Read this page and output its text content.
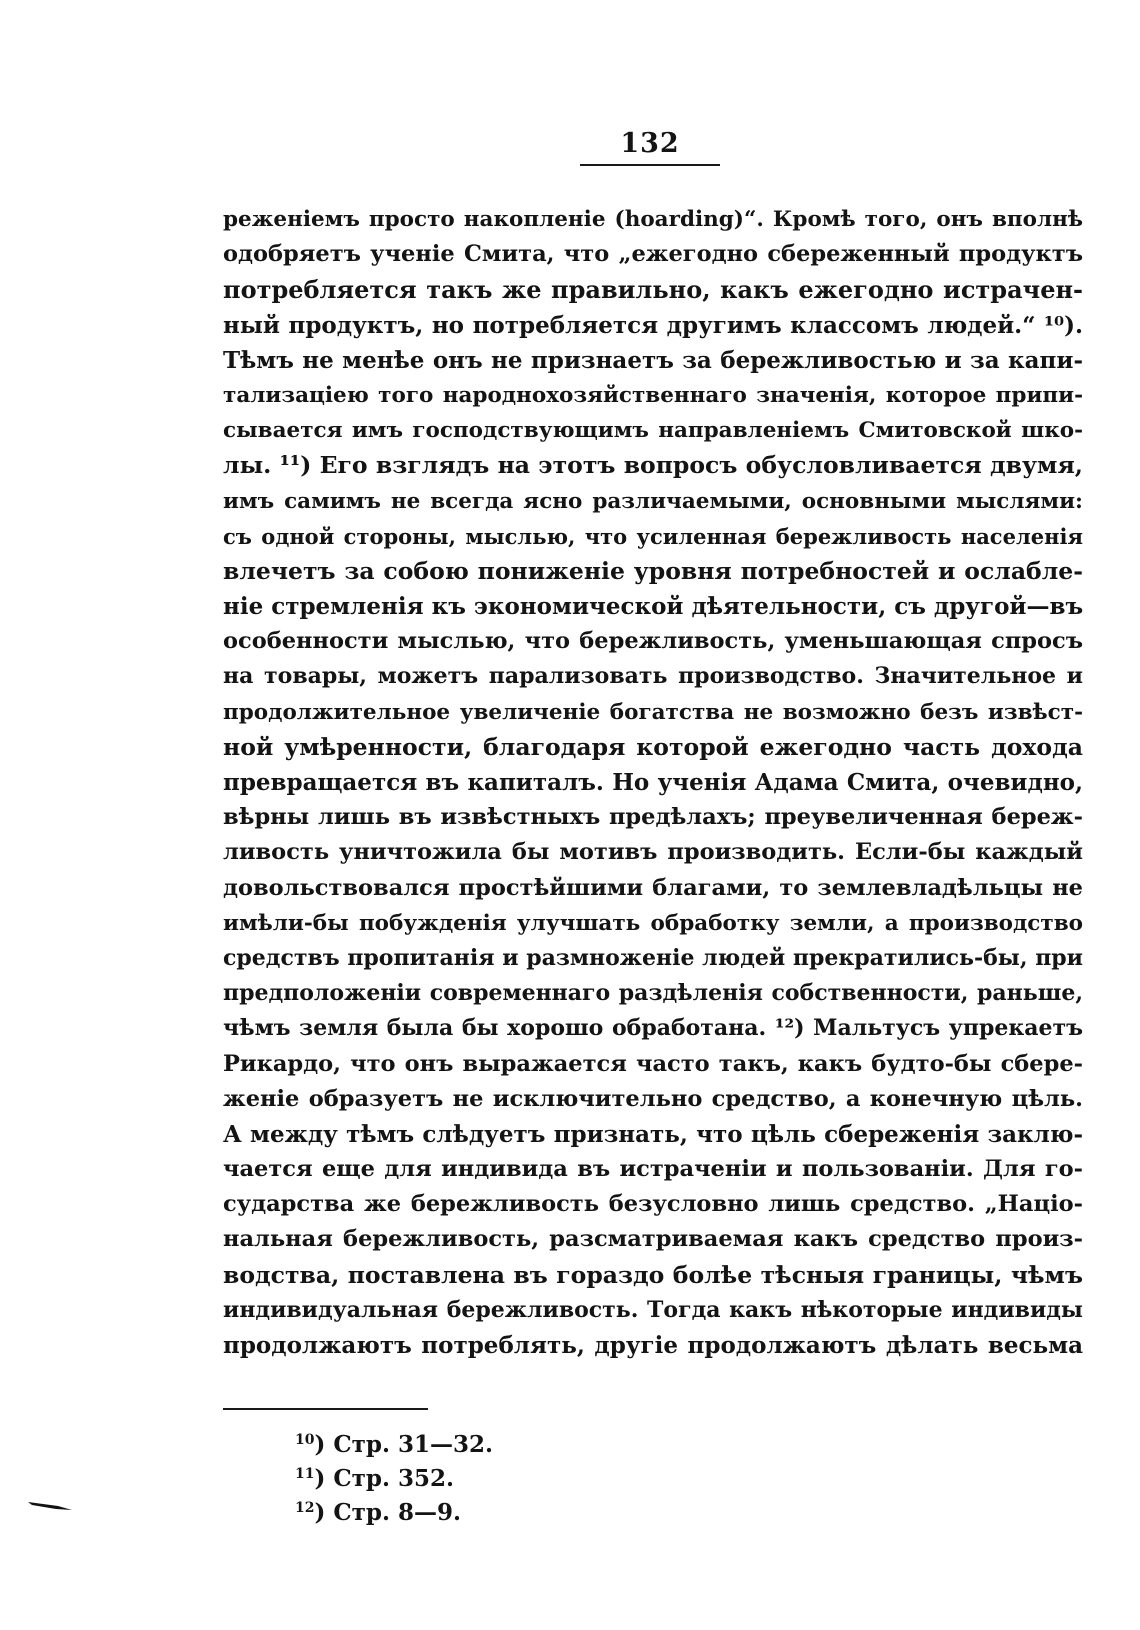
132
реженіемъ просто накопленіе (hoarding)“. Кромѣ того, онъ вполнѣ
одобряетъ ученіе Смита, что „ежегодно сбереженный продуктъ
потребляется такъ же правильно, какъ ежегодно истрачен-
ный продуктъ, но потребляется другимъ классомъ людей.“ ¹⁰).
Тѣмъ не менѣе онъ не признаетъ за бережливостью и за капи-
тализаціею того народнохозяйственнаго значенія, которое припи-
сывается имъ господствующимъ направленіемъ Смитовской шко-
лы. ¹¹) Его взглядъ на этотъ вопросъ обусловливается двумя,
имъ самимъ не всегда ясно различаемыми, основными мыслями:
съ одной стороны, мыслью, что усиленная бережливость населенія
влечетъ за собою пониженіе уровня потребностей и ослабле-
ніе стремленія къ экономической дѣятельности, съ другой—въ
особенности мыслью, что бережливость, уменьшающая спросъ
на товары, можетъ парализовать производство. Значительное и
продолжительное увеличеніе богатства не возможно безъ извѣст-
ной умѣренности, благодаря которой ежегодно часть дохода
превращается въ капиталъ. Но ученія Адама Смита, очевидно,
вѣрны лишь въ извѣстныхъ предѣлахъ; преувеличенная береж-
ливость уничтожила бы мотивъ производить. Если-бы каждый
довольствовался простѣйшими благами, то землевладѣльцы не
имѣли-бы побужденія улучшать обработку земли, а производство
средствъ пропитанія и размноженіе людей прекратились-бы, при
предположеніи современнаго раздѣленія собственности, раньше,
чѣмъ земля была бы хорошо обработана. ¹²) Мальтусъ упрекаетъ
Рикардо, что онъ выражается часто такъ, какъ будто-бы сбере-
женіе образуетъ не исключительно средство, а конечную цѣль.
А между тѣмъ слѣдуетъ признать, что цѣль сбереженія заклю-
чается еще для индивида въ истраченіи и пользованіи. Для го-
сударства же бережливость безусловно лишь средство. „Націо-
нальная бережливость, разсматриваемая какъ средство произ-
водства, поставлена въ гораздо болѣе тѣсныя границы, чѣмъ
индивидуальная бережливость. Тогда какъ нѣкоторые индивиды
продолжаютъ потреблять, другіе продолжаютъ дѣлать весьма
$^{10}$) Стр. 31—32.
$^{11}$) Стр. 352.
$^{12}$) Стр. 8—9.
